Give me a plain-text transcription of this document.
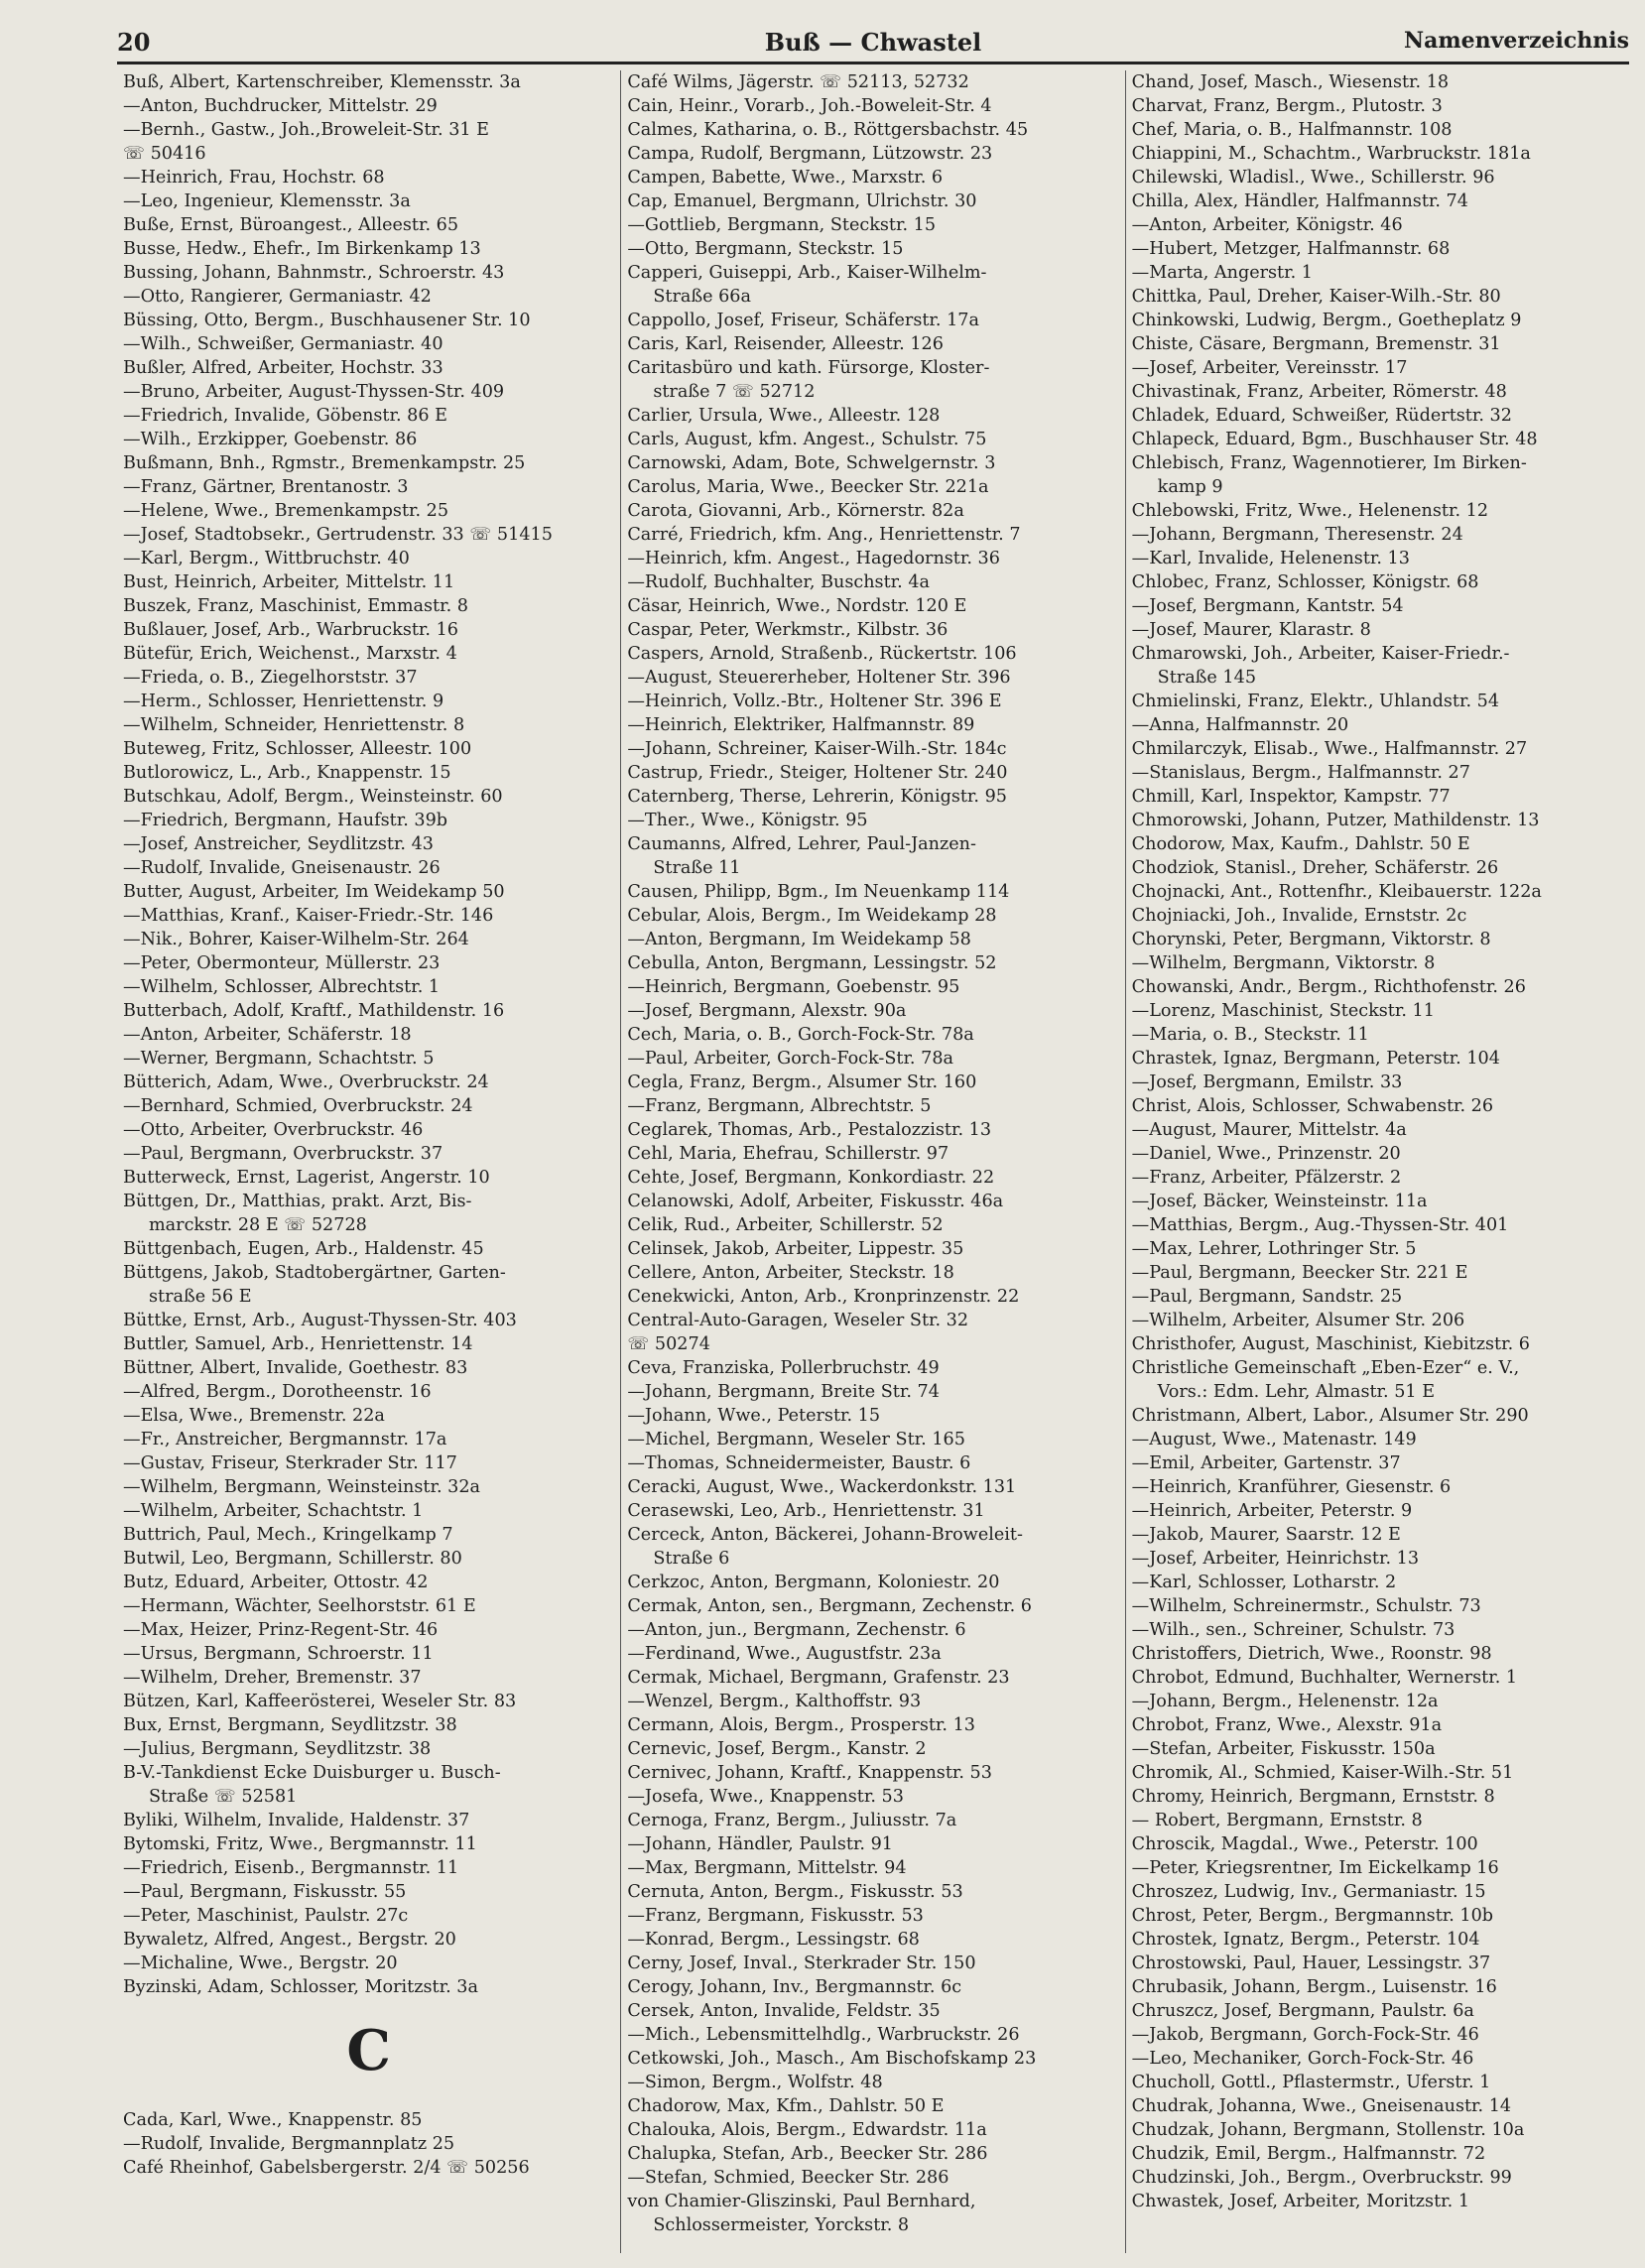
20	Buß — Chwastel	Namenverzeichnis
Buß, Albert, Kartenschreiber, Klemensstr. 3a
—Anton, Buchdrucker, Mittelstr. 29
—Bernh., Gastw., Joh.,Broweleit-Str. 31 E
☏ 50416
—Heinrich, Frau, Hochstr. 68
—Leo, Ingenieur, Klemensstr. 3a
Buße, Ernst, Büroangest., Alleestr. 65
Busse, Hedw., Ehefr., Im Birkenkamp 13
Bussing, Johann, Bahnmstr., Schroerstr. 43
—Otto, Rangierer, Germaniastr. 42
Büssing, Otto, Bergm., Buschhausener Str. 10
—Wilh., Schweißer, Germaniastr. 40
Bußler, Alfred, Arbeiter, Hochstr. 33
—Bruno, Arbeiter, August-Thyssen-Str. 409
—Friedrich, Invalide, Göbenstr. 86 E
—Wilh., Erzkipper, Goebenstr. 86
Bußmann, Bnh., Rgmstr., Bremenkampstr. 25
—Franz, Gärtner, Brentanostr. 3
—Helene, Wwe., Bremenkampstr. 25
—Josef, Stadtobsekr., Gertrudenstr. 33 ☏ 51415
—Karl, Bergm., Wittbruchstr. 40
Bust, Heinrich, Arbeiter, Mittelstr. 11
Buszek, Franz, Maschinist, Emmastr. 8
Bußlauer, Josef, Arb., Warbruckstr. 16
Bütefür, Erich, Weichenst., Marxstr. 4
—Frieda, o. B., Ziegelhorststr. 37
—Herm., Schlosser, Henriettenstr. 9
—Wilhelm, Schneider, Henriettenstr. 8
Buteweg, Fritz, Schlosser, Alleestr. 100
Butlorowicz, L., Arb., Knappenstr. 15
Butschkau, Adolf, Bergm., Weinsteinstr. 60
—Friedrich, Bergmann, Haufstr. 39b
—Josef, Anstreicher, Seydlitzstr. 43
—Rudolf, Invalide, Gneisenaustr. 26
Butter, August, Arbeiter, Im Weidekamp 50
—Matthias, Kranf., Kaiser-Friedr.-Str. 146
—Nik., Bohrer, Kaiser-Wilhelm-Str. 264
—Peter, Obermonteur, Müllerstr. 23
—Wilhelm, Schlosser, Albrechtstr. 1
Butterbach, Adolf, Kraftf., Mathildenstr. 16
—Anton, Arbeiter, Schäferstr. 18
—Werner, Bergmann, Schachtstr. 5
Bütterich, Adam, Wwe., Overbruckstr. 24
—Bernhard, Schmied, Overbruckstr. 24
—Otto, Arbeiter, Overbruckstr. 46
—Paul, Bergmann, Overbruckstr. 37
Butterweck, Ernst, Lagerist, Angerstr. 10
Büttgen, Dr., Matthias, prakt. Arzt, Bis-
marckstr. 28 E ☏ 52728
Büttgenbach, Eugen, Arb., Haldenstr. 45
Büttgens, Jakob, Stadtobergärtner, Garten-
straße 56 E
Büttke, Ernst, Arb., August-Thyssen-Str. 403
Buttler, Samuel, Arb., Henriettenstr. 14
Büttner, Albert, Invalide, Goethestr. 83
—Alfred, Bergm., Dorotheenstr. 16
—Elsa, Wwe., Bremenstr. 22a
—Fr., Anstreicher, Bergmannstr. 17a
—Gustav, Friseur, Sterkrader Str. 117
—Wilhelm, Bergmann, Weinsteinstr. 32a
—Wilhelm, Arbeiter, Schachtstr. 1
Buttrich, Paul, Mech., Kringelkamp 7
Butwil, Leo, Bergmann, Schillerstr. 80
Butz, Eduard, Arbeiter, Ottostr. 42
—Hermann, Wächter, Seelhorststr. 61 E
—Max, Heizer, Prinz-Regent-Str. 46
—Ursus, Bergmann, Schroerstr. 11
—Wilhelm, Dreher, Bremenstr. 37
Bützen, Karl, Kaffeerösterei, Weseler Str. 83
Bux, Ernst, Bergmann, Seydlitzstr. 38
—Julius, Bergmann, Seydlitzstr. 38
B-V.-Tankdienst Ecke Duisburger u. Busch-
Straße ☏ 52581
Byliki, Wilhelm, Invalide, Haldenstr. 37
Bytomski, Fritz, Wwe., Bergmannstr. 11
—Friedrich, Eisenb., Bergmannstr. 11
—Paul, Bergmann, Fiskusstr. 55
—Peter, Maschinist, Paulstr. 27c
Bywaletz, Alfred, Angest., Bergstr. 20
—Michaline, Wwe., Bergstr. 20
Byzinski, Adam, Schlosser, Moritzstr. 3a
C
Cada, Karl, Wwe., Knappenstr. 85
—Rudolf, Invalide, Bergmannplatz 25
Café Rheinhof, Gabelsbergerstr. 2/4 ☏ 50256
Café Wilms, Jägerstr. ☏ 52113, 52732
Cain, Heinr., Vorarb., Joh.-Boweleit-Str. 4
Calmes, Katharina, o. B., Röttgersbachstr. 45
Campa, Rudolf, Bergmann, Lützowstr. 23
Campen, Babette, Wwe., Marxstr. 6
Cap, Emanuel, Bergmann, Ulrichstr. 30
—Gottlieb, Bergmann, Steckstr. 15
—Otto, Bergmann, Steckstr. 15
Capperi, Guiseppi, Arb., Kaiser-Wilhelm-
Straße 66a
Cappollo, Josef, Friseur, Schäferstr. 17a
Caris, Karl, Reisender, Alleestr. 126
Caritasbüro und kath. Fürsorge, Kloster-
straße 7 ☏ 52712
Carlier, Ursula, Wwe., Alleestr. 128
Carls, August, kfm. Angest., Schulstr. 75
Carnowski, Adam, Bote, Schwelgernstr. 3
Carolus, Maria, Wwe., Beecker Str. 221a
Carota, Giovanni, Arb., Körnerstr. 82a
Carré, Friedrich, kfm. Ang., Henriettenstr. 7
—Heinrich, kfm. Angest., Hagedornstr. 36
—Rudolf, Buchhalter, Buschstr. 4a
Cäsar, Heinrich, Wwe., Nordstr. 120 E
Caspar, Peter, Werkmstr., Kilbstr. 36
Caspers, Arnold, Straßenb., Rückertstr. 106
—August, Steuererheber, Holtener Str. 396
—Heinrich, Vollz.-Btr., Holtener Str. 396 E
—Heinrich, Elektriker, Halfmannstr. 89
—Johann, Schreiner, Kaiser-Wilh.-Str. 184c
Castrup, Friedr., Steiger, Holtener Str. 240
Caternberg, Therse, Lehrerin, Königstr. 95
—Ther., Wwe., Königstr. 95
Caumanns, Alfred, Lehrer, Paul-Janzen-
Straße 11
Causen, Philipp, Bgm., Im Neuenkamp 114
Cebular, Alois, Bergm., Im Weidekamp 28
—Anton, Bergmann, Im Weidekamp 58
Cebulla, Anton, Bergmann, Lessingstr. 52
—Heinrich, Bergmann, Goebenstr. 95
—Josef, Bergmann, Alexstr. 90a
Cech, Maria, o. B., Gorch-Fock-Str. 78a
—Paul, Arbeiter, Gorch-Fock-Str. 78a
Cegla, Franz, Bergm., Alsumer Str. 160
—Franz, Bergmann, Albrechtstr. 5
Ceglarek, Thomas, Arb., Pestalozzistr. 13
Cehl, Maria, Ehefrau, Schillerstr. 97
Cehte, Josef, Bergmann, Konkordiastr. 22
Celanowski, Adolf, Arbeiter, Fiskusstr. 46a
Celik, Rud., Arbeiter, Schillerstr. 52
Celinsek, Jakob, Arbeiter, Lippestr. 35
Cellere, Anton, Arbeiter, Steckstr. 18
Cenekwicki, Anton, Arb., Kronprinzenstr. 22
Central-Auto-Garagen, Weseler Str. 32
☏ 50274
Ceva, Franziska, Pollerbruchstr. 49
—Johann, Bergmann, Breite Str. 74
—Johann, Wwe., Peterstr. 15
—Michel, Bergmann, Weseler Str. 165
—Thomas, Schneidermeister, Baustr. 6
Ceracki, August, Wwe., Wackerdonkstr. 131
Cerasewski, Leo, Arb., Henriettenstr. 31
Cerceck, Anton, Bäckerei, Johann-Broweleit-
Straße 6
Cerkzoc, Anton, Bergmann, Koloniestr. 20
Cermak, Anton, sen., Bergmann, Zechenstr. 6
—Anton, jun., Bergmann, Zechenstr. 6
—Ferdinand, Wwe., Augustfstr. 23a
Cermak, Michael, Bergmann, Grafenstr. 23
—Wenzel, Bergm., Kalthoffstr. 93
Cermann, Alois, Bergm., Prosperstr. 13
Cernevic, Josef, Bergm., Kanstr. 2
Cernivec, Johann, Kraftf., Knappenstr. 53
—Josefa, Wwe., Knappenstr. 53
Cernoga, Franz, Bergm., Juliusstr. 7a
—Johann, Händler, Paulstr. 91
—Max, Bergmann, Mittelstr. 94
Cernuta, Anton, Bergm., Fiskusstr. 53
—Franz, Bergmann, Fiskusstr. 53
—Konrad, Bergm., Lessingstr. 68
Cerny, Josef, Inval., Sterkrader Str. 150
Cerogy, Johann, Inv., Bergmannstr. 6c
Cersek, Anton, Invalide, Feldstr. 35
—Mich., Lebensmittelhdlg., Warbruckstr. 26
Cetkowski, Joh., Masch., Am Bischofskamp 23
—Simon, Bergm., Wolfstr. 48
Chadorow, Max, Kfm., Dahlstr. 50 E
Chalouka, Alois, Bergm., Edwardstr. 11a
Chalupka, Stefan, Arb., Beecker Str. 286
—Stefan, Schmied, Beecker Str. 286
von Chamier-Gliszinski, Paul Bernhard,
Schlossermeister, Yorckstr. 8
Chand, Josef, Masch., Wiesenstr. 18
Charvat, Franz, Bergm., Plutostr. 3
Chef, Maria, o. B., Halfmannstr. 108
Chiappini, M., Schachtm., Warbruckstr. 181a
Chilewski, Wladisl., Wwe., Schillerstr. 96
Chilla, Alex, Händler, Halfmannstr. 74
—Anton, Arbeiter, Königstr. 46
—Hubert, Metzger, Halfmannstr. 68
—Marta, Angerstr. 1
Chittka, Paul, Dreher, Kaiser-Wilh.-Str. 80
Chinkowski, Ludwig, Bergm., Goetheplatz 9
Chiste, Cäsare, Bergmann, Bremenstr. 31
—Josef, Arbeiter, Vereinsstr. 17
Chivastinak, Franz, Arbeiter, Römerstr. 48
Chladek, Eduard, Schweißer, Rüdertstr. 32
Chlapeck, Eduard, Bgm., Buschhauser Str. 48
Chlebisch, Franz, Wagennotierer, Im Birken-
kamp 9
Chlebowski, Fritz, Wwe., Helenenstr. 12
—Johann, Bergmann, Theresenstr. 24
—Karl, Invalide, Helenenstr. 13
Chlobec, Franz, Schlosser, Königstr. 68
—Josef, Bergmann, Kantstr. 54
—Josef, Maurer, Klarastr. 8
Chmarowski, Joh., Arbeiter, Kaiser-Friedr.-
Straße 145
Chmielinski, Franz, Elektr., Uhlandstr. 54
—Anna, Halfmannstr. 20
Chmilarczyk, Elisab., Wwe., Halfmannstr. 27
—Stanislaus, Bergm., Halfmannstr. 27
Chmill, Karl, Inspektor, Kampstr. 77
Chmorowski, Johann, Putzer, Mathildenstr. 13
Chodorow, Max, Kaufm., Dahlstr. 50 E
Chodziok, Stanisl., Dreher, Schäferstr. 26
Chojnacki, Ant., Rottenfhr., Kleibauerstr. 122a
Chojniacki, Joh., Invalide, Ernststr. 2c
Chorynski, Peter, Bergmann, Viktorstr. 8
—Wilhelm, Bergmann, Viktorstr. 8
Chowanski, Andr., Bergm., Richthofenstr. 26
—Lorenz, Maschinist, Steckstr. 11
—Maria, o. B., Steckstr. 11
Chrastek, Ignaz, Bergmann, Peterstr. 104
—Josef, Bergmann, Emilstr. 33
Christ, Alois, Schlosser, Schwabenstr. 26
—August, Maurer, Mittelstr. 4a
—Daniel, Wwe., Prinzenstr. 20
—Franz, Arbeiter, Pfälzerstr. 2
—Josef, Bäcker, Weinsteinstr. 11a
—Matthias, Bergm., Aug.-Thyssen-Str. 401
—Max, Lehrer, Lothringer Str. 5
—Paul, Bergmann, Beecker Str. 221 E
—Paul, Bergmann, Sandstr. 25
—Wilhelm, Arbeiter, Alsumer Str. 206
Christhofer, August, Maschinist, Kiebitzstr. 6
Christliche Gemeinschaft „Eben-Ezer“ e. V.,
Vors.: Edm. Lehr, Almastr. 51 E
Christmann, Albert, Labor., Alsumer Str. 290
—August, Wwe., Matenastr. 149
—Emil, Arbeiter, Gartenstr. 37
—Heinrich, Kranführer, Giesenstr. 6
—Heinrich, Arbeiter, Peterstr. 9
—Jakob, Maurer, Saarstr. 12 E
—Josef, Arbeiter, Heinrichstr. 13
—Karl, Schlosser, Lotharstr. 2
—Wilhelm, Schreinermstr., Schulstr. 73
—Wilh., sen., Schreiner, Schulstr. 73
Christoffers, Dietrich, Wwe., Roonstr. 98
Chrobot, Edmund, Buchhalter, Wernerstr. 1
—Johann, Bergm., Helenenstr. 12a
Chrobot, Franz, Wwe., Alexstr. 91a
—Stefan, Arbeiter, Fiskusstr. 150a
Chromik, Al., Schmied, Kaiser-Wilh.-Str. 51
Chromy, Heinrich, Bergmann, Ernststr. 8
— Robert, Bergmann, Ernststr. 8
Chroscik, Magdal., Wwe., Peterstr. 100
—Peter, Kriegsrentner, Im Eickelkamp 16
Chroszez, Ludwig, Inv., Germaniastr. 15
Chrost, Peter, Bergm., Bergmannstr. 10b
Chrostek, Ignatz, Bergm., Peterstr. 104
Chrostowski, Paul, Hauer, Lessingstr. 37
Chrubasik, Johann, Bergm., Luisenstr. 16
Chruszcz, Josef, Bergmann, Paulstr. 6a
—Jakob, Bergmann, Gorch-Fock-Str. 46
—Leo, Mechaniker, Gorch-Fock-Str. 46
Chucholl, Gottl., Pflastermstr., Uferstr. 1
Chudrak, Johanna, Wwe., Gneisenaustr. 14
Chudzak, Johann, Bergmann, Stollenstr. 10a
Chudzik, Emil, Bergm., Halfmannstr. 72
Chudzinski, Joh., Bergm., Overbruckstr. 99
Chwastek, Josef, Arbeiter, Moritzstr. 1
